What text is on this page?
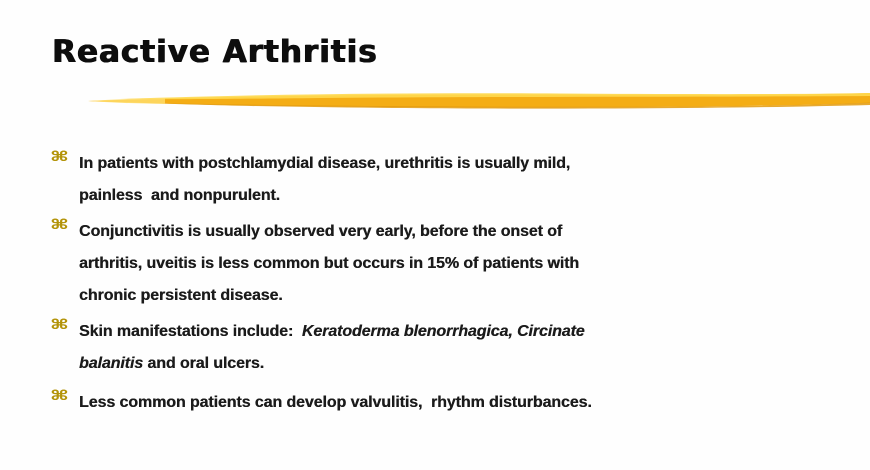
Reactive Arthritis
⌘ In patients with postchlamydial disease, urethritis is usually mild,
painless  and nonpurulent.
⌘ Conjunctivitis is usually observed very early, before the onset of
arthritis, uveitis is less common but occurs in 15% of patients with
chronic persistent disease.
⌘ Skin manifestations include:  Keratoderma blenorrhagica, Circinate
balanitis and oral ulcers.
⌘ Less common patients can develop valvulitis,  rhythm disturbances.
